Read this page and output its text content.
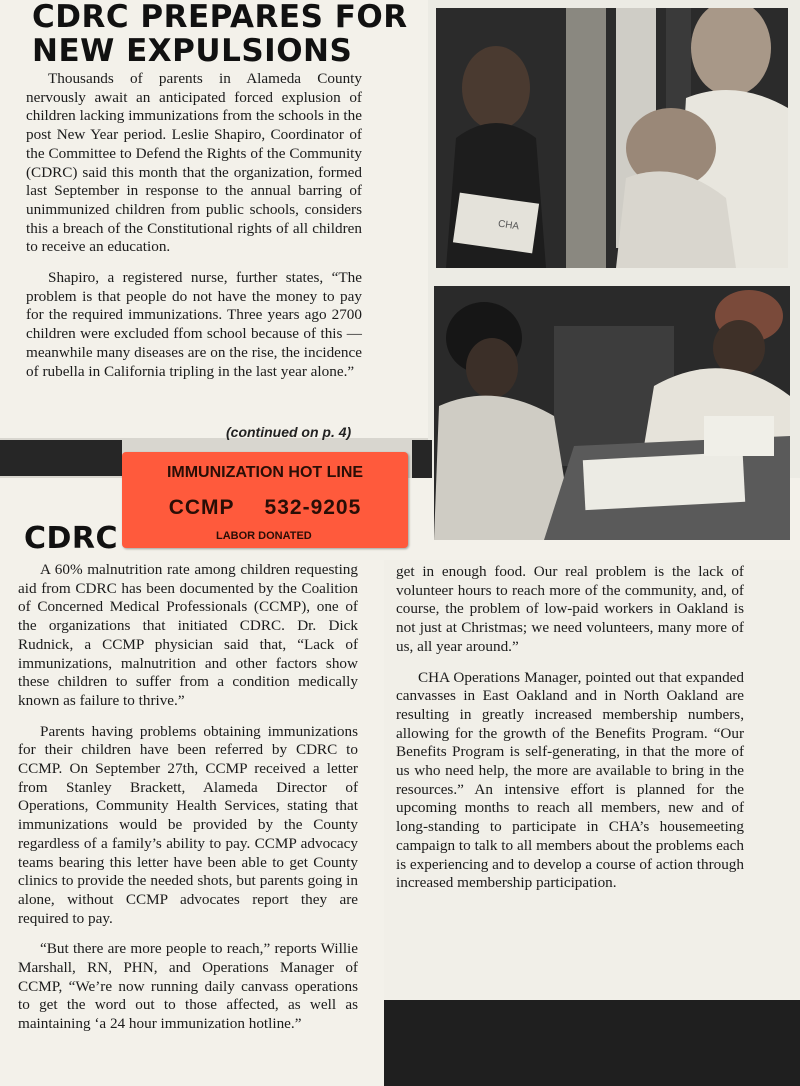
CDRC PREPARES FOR
NEW EXPULSIONS

Thousands of parents in Alameda County nervously await an anticipated forced explusion of children lacking immunizations from the schools in the post New Year period. Leslie Shapiro, Coordinator of the Committee to Defend the Rights of the Community (CDRC) said this month that the organization, formed last September in response to the annual barring of unimmunized children from public schools, considers this a breach of the Constitutional rights of all children to receive an education.

Shapiro, a registered nurse, further states, “The problem is that people do not have the money to pay for the required immunizations. Three years ago 2700 children were excluded ffom school because of this — meanwhile many diseases are on the rise, the incidence of rubella in California tripling in the last year alone.”

(continued on p. 4)
CHA
IMMUNIZATION HOT LINE
CCMP 532-9205
LABOR DONATED
CDRC

A 60% malnutrition rate among children requesting aid from CDRC has been documented by the Coalition of Concerned Medical Professionals (CCMP), one of the organizations that initiated CDRC. Dr. Dick Rudnick, a CCMP physician said that, “Lack of immunizations, malnutrition and other factors show these children to suffer from a condition medically known as failure to thrive.”

Parents having problems obtaining immunizations for their children have been referred by CDRC to CCMP. On September 27th, CCMP received a letter from Stanley Brackett, Alameda Director of Operations, Community Health Services, stating that immunizations would be provided by the County regardless of a family’s ability to pay. CCMP advocacy teams bearing this letter have been able to get County clinics to provide the needed shots, but parents going in alone, without CCMP advocates report they are required to pay.

“But there are more people to reach,” reports Willie Marshall, RN, PHN, and Operations Manager of CCMP, “We’re now running daily canvass operations to get the word out to those affected, as well as maintaining ‘a 24 hour immunization hotline.”

get in enough food. Our real problem is the lack of volunteer hours to reach more of the community, and, of course, the problem of low-paid workers in Oakland is not just at Christmas; we need volunteers, many more of us, all year around.”

CHA Operations Manager, pointed out that expanded canvasses in East Oakland and in North Oakland are resulting in greatly increased membership numbers, allowing for the growth of the Benefits Program. “Our Benefits Program is self-generating, in that the more of us who need help, the more are available to bring in the resources.” An intensive effort is planned for the upcoming months to reach all members, new and of long-standing to participate in CHA’s housemeeting campaign to talk to all members about the problems each is experiencing and to develop a course of action through increased membership participation.
